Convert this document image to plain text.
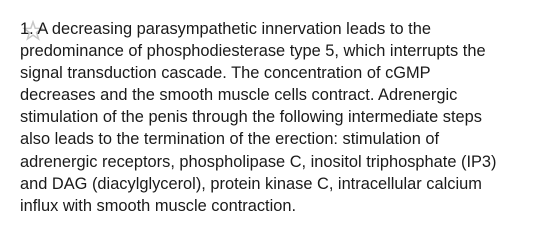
1. A decreasing parasympathetic innervation leads to the
predominance of phosphodiesterase type 5, which interrupts the
signal transduction cascade. The concentration of cGMP
decreases and the smooth muscle cells contract. Adrenergic
stimulation of the penis through the following intermediate steps
also leads to the termination of the erection: stimulation of
adrenergic receptors, phospholipase C, inositol triphosphate (IP3)
and DAG (diacylglycerol), protein kinase C, intracellular calcium
influx with smooth muscle contraction.
